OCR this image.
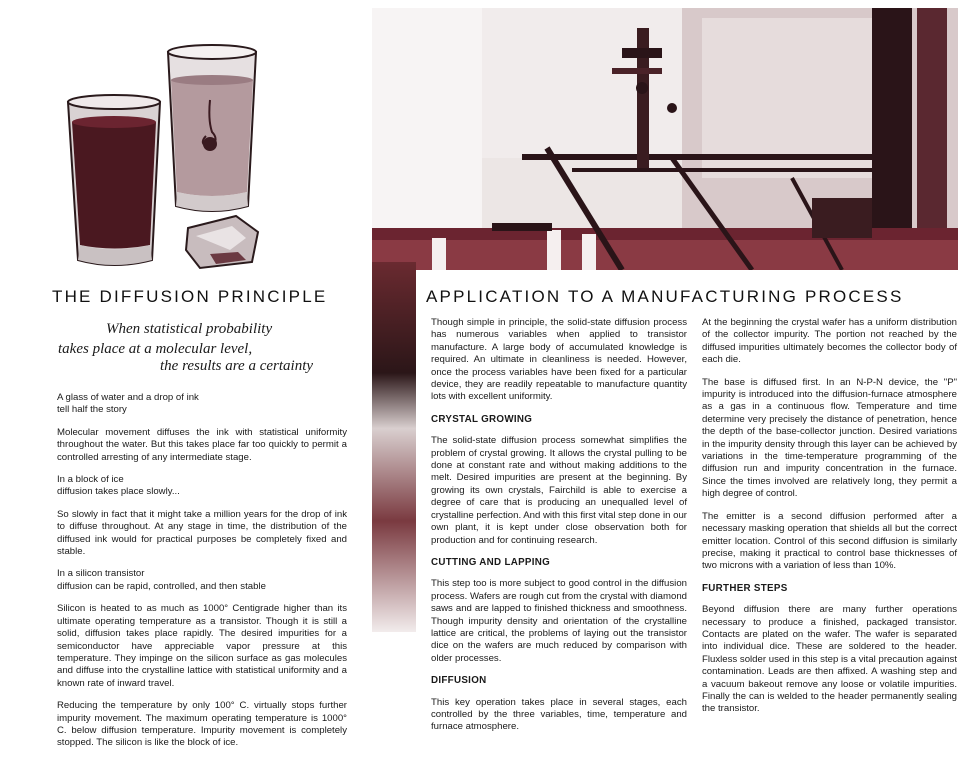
THE DIFFUSION PRINCIPLE
When statistical probability
takes place at a molecular level,
the results are a certainty

A glass of water and a drop of ink
tell half the story

Molecular movement diffuses the ink with statistical uniformity throughout the water. But this takes place far too quickly to permit a controlled arresting of any intermediate stage.

In a block of ice
diffusion takes place slowly...

So slowly in fact that it might take a million years for the drop of ink to diffuse throughout. At any stage in time, the distribution of the diffused ink would for practical purposes be completely fixed and stable.

In a silicon transistor
diffusion can be rapid, controlled, and then stable

Silicon is heated to as much as 1000° Centigrade higher than its ultimate operating temperature as a transistor. Though it is still a solid, diffusion takes place rapidly. The desired impurities for a semiconductor have appreciable vapor pressure at this temperature. They impinge on the silicon surface as gas molecules and diffuse into the crystalline lattice with statistical uniformity and a known rate of inward travel.

Reducing the temperature by only 100° C. virtually stops further impurity movement. The maximum operating temperature is 1000° C. below diffusion temperature. Impurity movement is completely stopped. The silicon is like the block of ice.

APPLICATION TO A MANUFACTURING PROCESS

Though simple in principle, the solid-state diffusion process has numerous variables when applied to transistor manufacture. A large body of accumulated knowledge is required. An ultimate in cleanliness is needed. However, once the process variables have been fixed for a particular device, they are readily repeatable to manufacture quantity lots with excellent uniformity.

CRYSTAL GROWING

The solid-state diffusion process somewhat simplifies the problem of crystal growing. It allows the crystal pulling to be done at constant rate and without making additions to the melt. Desired impurities are present at the beginning. By growing its own crystals, Fairchild is able to exercise a degree of care that is producing an unequalled level of crystalline perfection. And with this first vital step done in our own plant, it is kept under close observation both for production and for continuing research.

CUTTING AND LAPPING

This step too is more subject to good control in the diffusion process. Wafers are rough cut from the crystal with diamond saws and are lapped to finished thickness and smoothness. Though impurity density and orientation of the crystalline lattice are critical, the problems of laying out the transistor dice on the wafers are much reduced by comparison with older processes.

DIFFUSION

This key operation takes place in several stages, each controlled by the three variables, time, temperature and furnace atmosphere.

At the beginning the crystal wafer has a uniform distribution of the collector impurity. The portion not reached by the diffused impurities ultimately becomes the collector body of each die.

The base is diffused first. In an N-P-N device, the "P" impurity is introduced into the diffusion-furnace atmosphere as a gas in a continuous flow. Temperature and time determine very precisely the distance of penetration, hence the depth of the base-collector junction. Desired variations in the impurity density through this layer can be achieved by variations in the time-temperature programming of the diffusion run and impurity concentration in the furnace. Since the times involved are relatively long, they permit a high degree of control.

The emitter is a second diffusion performed after a necessary masking operation that shields all but the correct emitter location. Control of this second diffusion is similarly precise, making it practical to control base thicknesses of two microns with a variation of less than 10%.

FURTHER STEPS

Beyond diffusion there are many further operations necessary to produce a finished, packaged transistor. Contacts are plated on the wafer. The wafer is separated into individual dice. These are soldered to the header. Fluxless solder used in this step is a vital precaution against contamination. Leads are then affixed. A washing step and a vacuum bakeout remove any loose or volatile impurities. Finally the can is welded to the header permanently sealing the transistor.
